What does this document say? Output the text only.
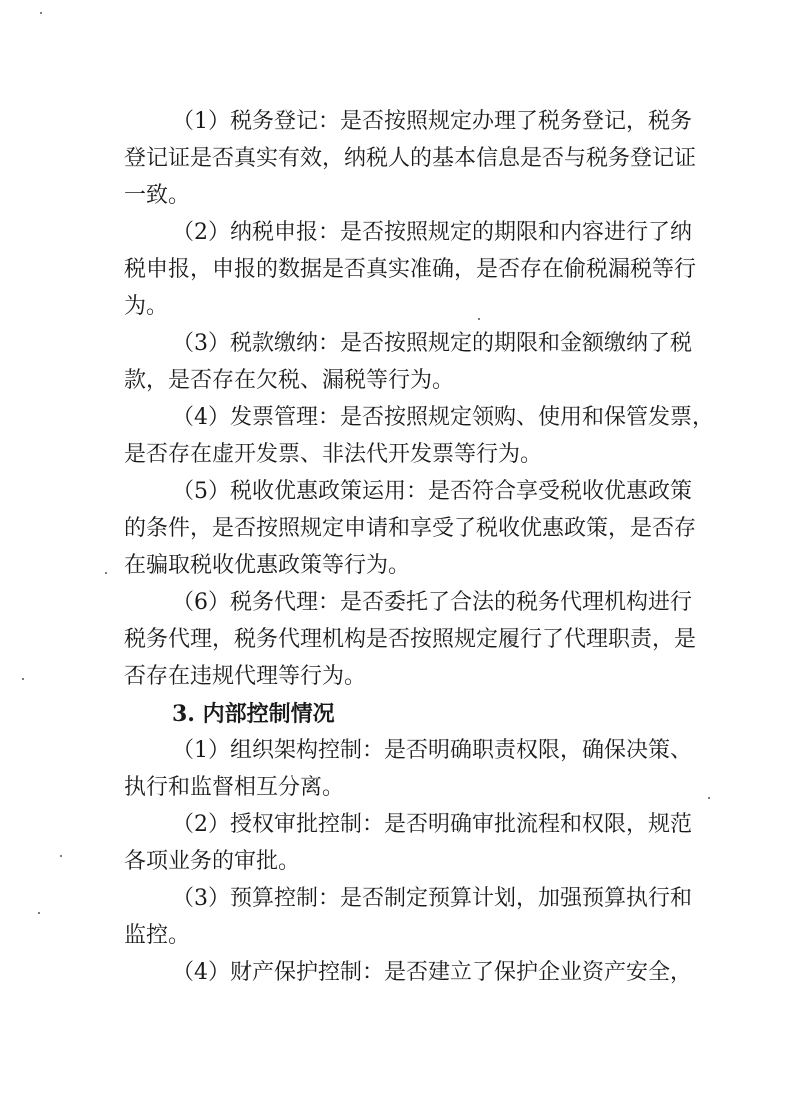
（1）税务登记：是否按照规定办理了税务登记，税务
登记证是否真实有效，纳税人的基本信息是否与税务登记证
一致。
（2）纳税申报：是否按照规定的期限和内容进行了纳
税申报，申报的数据是否真实准确，是否存在偷税漏税等行
为。
（3）税款缴纳：是否按照规定的期限和金额缴纳了税
款，是否存在欠税、漏税等行为。
（4）发票管理：是否按照规定领购、使用和保管发票，
是否存在虚开发票、非法代开发票等行为。
（5）税收优惠政策运用：是否符合享受税收优惠政策
的条件，是否按照规定申请和享受了税收优惠政策，是否存
在骗取税收优惠政策等行为。
（6）税务代理：是否委托了合法的税务代理机构进行
税务代理，税务代理机构是否按照规定履行了代理职责，是
否存在违规代理等行为。
3. 内部控制情况
（1）组织架构控制：是否明确职责权限，确保决策、
执行和监督相互分离。
（2）授权审批控制：是否明确审批流程和权限，规范
各项业务的审批。
（3）预算控制：是否制定预算计划，加强预算执行和
监控。
（4）财产保护控制：是否建立了保护企业资产安全，
